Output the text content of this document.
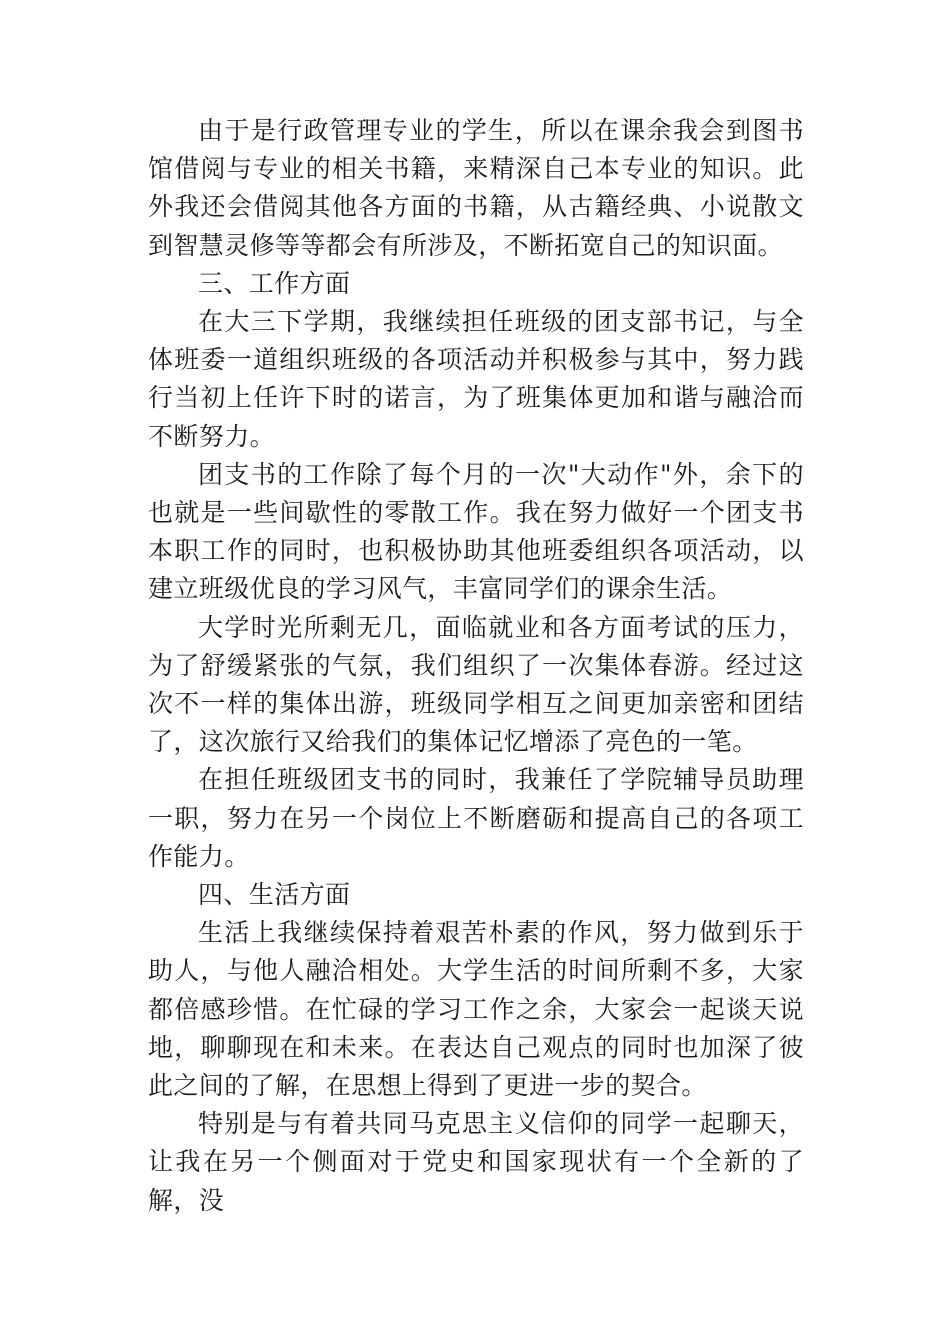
由于是行政管理专业的学生，所以在课余我会到图书馆借阅与专业的相关书籍，来精深自己本专业的知识。此外我还会借阅其他各方面的书籍，从古籍经典、小说散文到智慧灵修等等都会有所涉及，不断拓宽自己的知识面。

三、工作方面

在大三下学期，我继续担任班级的团支部书记，与全体班委一道组织班级的各项活动并积极参与其中，努力践行当初上任许下时的诺言，为了班集体更加和谐与融洽而不断努力。

团支书的工作除了每个月的一次"大动作"外，余下的也就是一些间歇性的零散工作。我在努力做好一个团支书本职工作的同时，也积极协助其他班委组织各项活动，以建立班级优良的学习风气，丰富同学们的课余生活。

大学时光所剩无几，面临就业和各方面考试的压力，为了舒缓紧张的气氛，我们组织了一次集体春游。经过这次不一样的集体出游，班级同学相互之间更加亲密和团结了，这次旅行又给我们的集体记忆增添了亮色的一笔。

在担任班级团支书的同时，我兼任了学院辅导员助理一职，努力在另一个岗位上不断磨砺和提高自己的各项工作能力。

四、生活方面

生活上我继续保持着艰苦朴素的作风，努力做到乐于助人，与他人融洽相处。大学生活的时间所剩不多，大家都倍感珍惜。在忙碌的学习工作之余，大家会一起谈天说地，聊聊现在和未来。在表达自己观点的同时也加深了彼此之间的了解，在思想上得到了更进一步的契合。

特别是与有着共同马克思主义信仰的同学一起聊天，让我在另一个侧面对于党史和国家现状有一个全新的了解，没
